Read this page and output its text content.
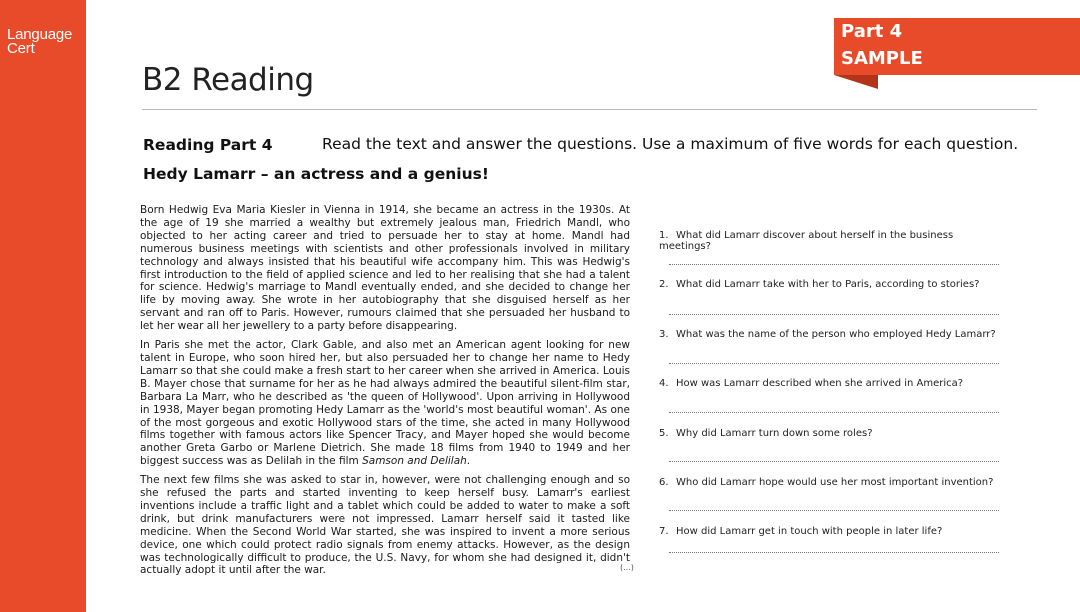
Language
Cert
Part 4
SAMPLE
B2 Reading
Reading Part 4	Read the text and answer the questions. Use a maximum of five words for each question.
Hedy Lamarr – an actress and a genius!

Born Hedwig Eva Maria Kiesler in Vienna in 1914, she became an actress in the 1930s. At the age of 19 she married a wealthy but extremely jealous man, Friedrich Mandl, who objected to her acting career and tried to persuade her to stay at home. Mandl had numerous business meetings with scientists and other professionals involved in military technology and always insisted that his beautiful wife accompany him. This was Hedwig's first introduction to the field of applied science and led to her realising that she had a talent for science. Hedwig's marriage to Mandl eventually ended, and she decided to change her life by moving away. She wrote in her autobiography that she disguised herself as her servant and ran off to Paris. However, rumours claimed that she persuaded her husband to let her wear all her jewellery to a party before disappearing.

In Paris she met the actor, Clark Gable, and also met an American agent looking for new talent in Europe, who soon hired her, but also persuaded her to change her name to Hedy Lamarr so that she could make a fresh start to her career when she arrived in America. Louis B. Mayer chose that surname for her as he had always admired the beautiful silent-film star, Barbara La Marr, who he described as 'the queen of Hollywood'. Upon arriving in Hollywood in 1938, Mayer began promoting Hedy Lamarr as the 'world's most beautiful woman'. As one of the most gorgeous and exotic Hollywood stars of the time, she acted in many Hollywood films together with famous actors like Spencer Tracy, and Mayer hoped she would become another Greta Garbo or Marlene Dietrich. She made 18 films from 1940 to 1949 and her biggest success was as Delilah in the film Samson and Delilah.

The next few films she was asked to star in, however, were not challenging enough and so she refused the parts and started inventing to keep herself busy. Lamarr's earliest inventions include a traffic light and a tablet which could be added to water to make a soft drink, but drink manufacturers were not impressed. Lamarr herself said it tasted like medicine. When the Second World War started, she was inspired to invent a more serious device, one which could protect radio signals from enemy attacks. However, as the design was technologically difficult to produce, the U.S. Navy, for whom she had designed it, didn't actually adopt it until after the war.	(...)
1. What did Lamarr discover about herself in the business meetings?
2. What did Lamarr take with her to Paris, according to stories?
3. What was the name of the person who employed Hedy Lamarr?
4. How was Lamarr described when she arrived in America?
5. Why did Lamarr turn down some roles?
6. Who did Lamarr hope would use her most important invention?
7. How did Lamarr get in touch with people in later life?
